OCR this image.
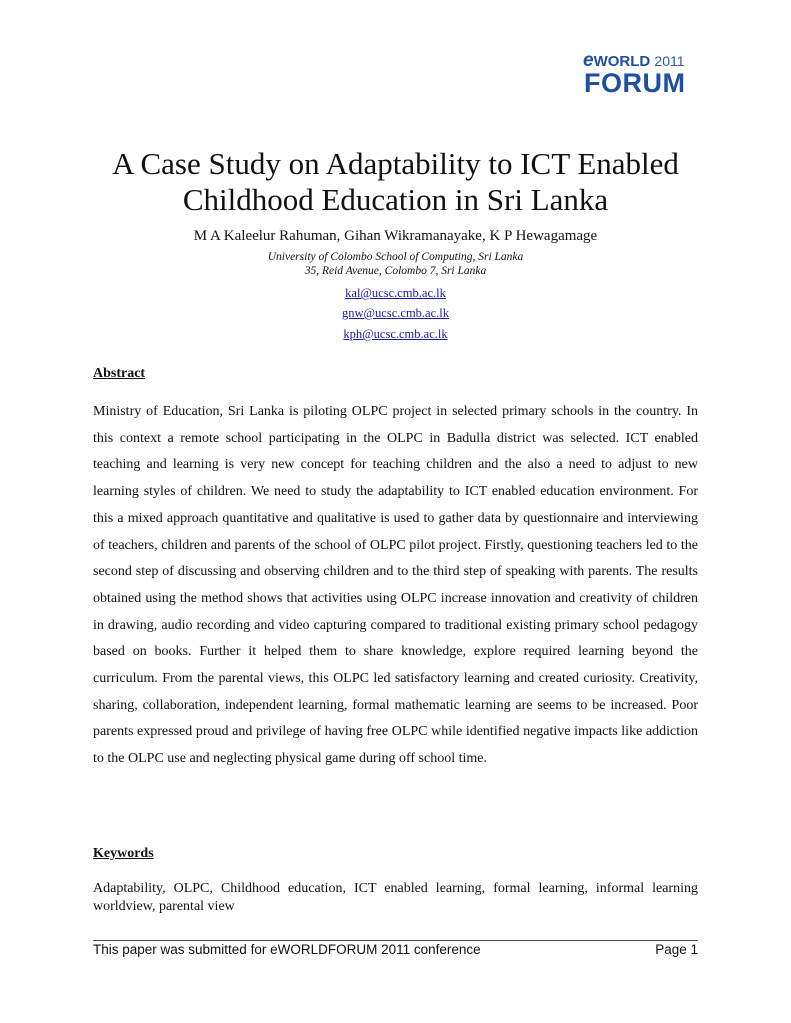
eWORLD 2011
FORUM
A Case Study on Adaptability to ICT Enabled
Childhood Education in Sri Lanka
M A Kaleelur Rahuman, Gihan Wikramanayake, K P Hewagamage
University of Colombo School of Computing, Sri Lanka
35, Reid Avenue, Colombo 7, Sri Lanka
kal@ucsc.cmb.ac.lk
gnw@ucsc.cmb.ac.lk
kph@ucsc.cmb.ac.lk
Abstract
Ministry of Education, Sri Lanka is piloting OLPC project in selected primary schools in the country. In this context a remote school participating in the OLPC in Badulla district was selected. ICT enabled teaching and learning is very new concept for teaching children and the also a need to adjust to new learning styles of children. We need to study the adaptability to ICT enabled education environment. For this a mixed approach quantitative and qualitative is used to gather data by questionnaire and interviewing of teachers, children and parents of the school of OLPC pilot project. Firstly, questioning teachers led to the second step of discussing and observing children and to the third step of speaking with parents. The results obtained using the method shows that activities using OLPC increase innovation and creativity of children in drawing, audio recording and video capturing compared to traditional existing primary school pedagogy based on books. Further it helped them to share knowledge, explore required learning beyond the curriculum. From the parental views, this OLPC led satisfactory learning and created curiosity. Creativity, sharing, collaboration, independent learning, formal mathematic learning are seems to be increased. Poor parents expressed proud and privilege of having free OLPC while identified negative impacts like addiction to the OLPC use and neglecting physical game during off school time.
Keywords
Adaptability, OLPC, Childhood education, ICT enabled learning, formal learning, informal learning worldview, parental view
This paper was submitted for eWORLDFORUM 2011 conference	Page 1
